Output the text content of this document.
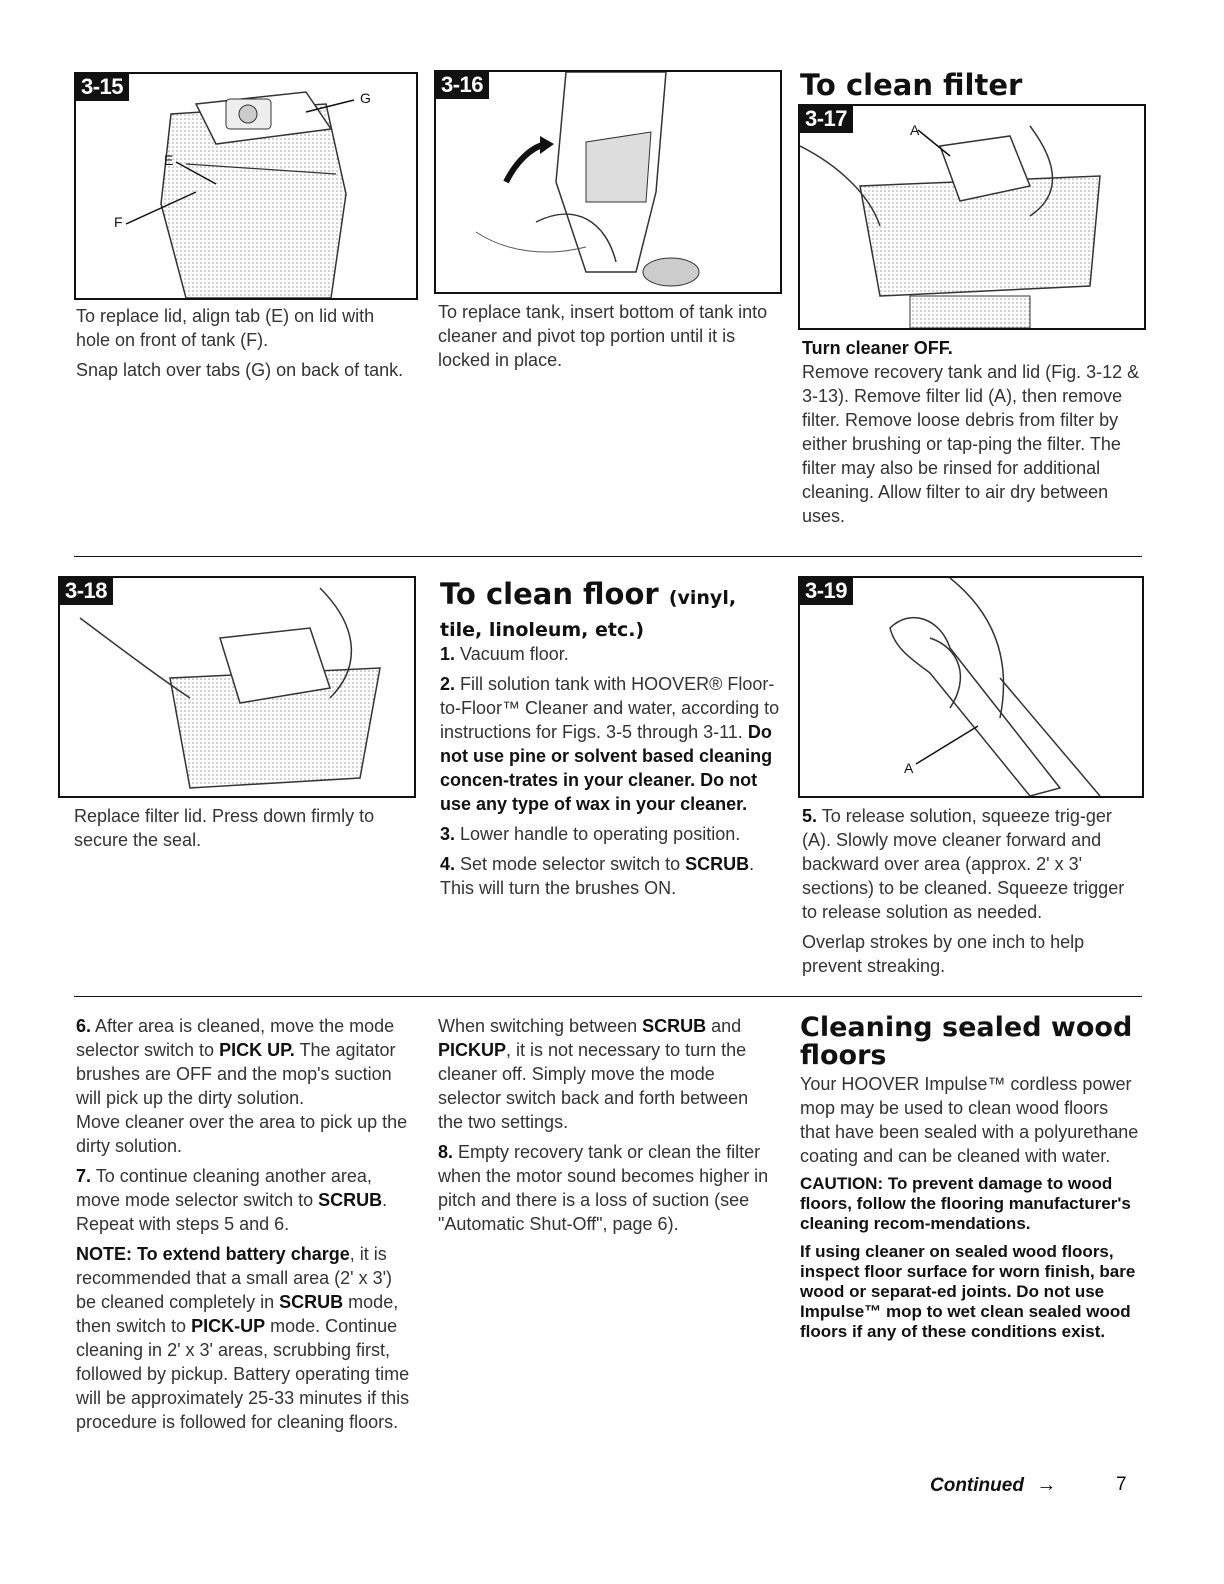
3-15	G
E
F
3-16	To clean filter
3-17	A

To replace lid, align tab (E) on lid with hole on front of tank (F).

Snap latch over tabs (G) on back of tank.

To replace tank, insert bottom of tank into cleaner and pivot top portion until it is locked in place.

Turn cleaner OFF.

Remove recovery tank and lid (Fig. 3-12 & 3-13). Remove filter lid (A), then remove filter. Remove loose debris from filter by either brushing or tap-ping the filter. The filter may also be rinsed for additional cleaning. Allow filter to air dry between uses.

3-18
Replace filter lid. Press down firmly to secure the seal.
To clean floor (vinyl,
tile, linoleum, etc.)

1. Vacuum floor.

2. Fill solution tank with HOOVER® Floor-to-Floor™ Cleaner and water, according to instructions for Figs. 3-5 through 3-11. Do not use pine or solvent based cleaning concen-trates in your cleaner. Do not use any type of wax in your cleaner.

3. Lower handle to operating position.

4. Set mode selector switch to SCRUB. This will turn the brushes ON.

3-19
A

5. To release solution, squeeze trig-ger (A). Slowly move cleaner forward and backward over area (approx. 2' x 3' sections) to be cleaned. Squeeze trigger to release solution as needed.

Overlap strokes by one inch to help prevent streaking.

6. After area is cleaned, move the mode selector switch to PICK UP. The agitator brushes are OFF and the mop's suction will pick up the dirty solution.

Move cleaner over the area to pick up the dirty solution.

7. To continue cleaning another area, move mode selector switch to SCRUB. Repeat with steps 5 and 6.

NOTE: To extend battery charge, it is recommended that a small area (2' x 3') be cleaned completely in SCRUB mode, then switch to PICK-UP mode. Continue cleaning in 2' x 3' areas, scrubbing first, followed by pickup. Battery operating time will be approximately 25-33 minutes if this procedure is followed for cleaning floors.

When switching between SCRUB and PICKUP, it is not necessary to turn the cleaner off. Simply move the mode selector switch back and forth between the two settings.

8. Empty recovery tank or clean the filter when the motor sound becomes higher in pitch and there is a loss of suction (see "Automatic Shut-Off", page 6).

Cleaning sealed wood floors

Your HOOVER Impulse™ cordless power mop may be used to clean wood floors that have been sealed with a polyurethane coating and can be cleaned with water.

CAUTION: To prevent damage to wood floors, follow the flooring manufacturer's cleaning recom-mendations.
If using cleaner on sealed wood floors, inspect floor surface for worn finish, bare wood or separat-ed joints. Do not use Impulse™ mop to wet clean sealed wood floors if any of these conditions exist.
Continued →	7
